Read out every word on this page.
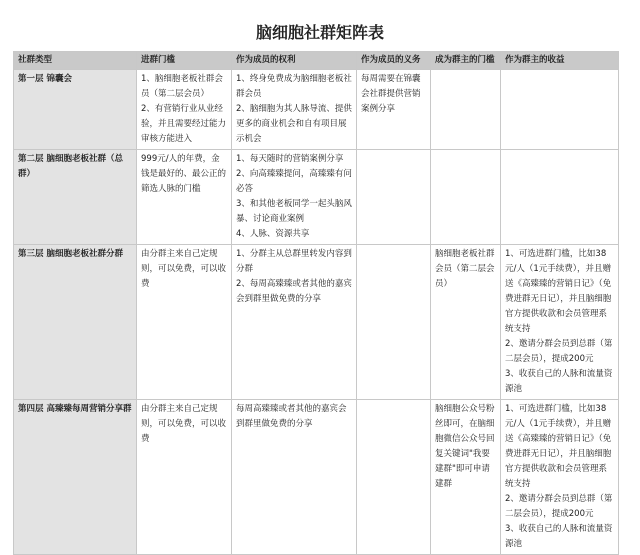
脑细胞社群矩阵表
社群类型	进群门槛	作为成员的权利	作为成员的义务	成为群主的门槛	作为群主的收益
第一层 锦囊会	1、脑细胞老板社群会员（第二层会员）
2、有营销行业从业经验，并且需要经过能力审核方能进入	1、终身免费成为脑细胞老板社群会员
2、脑细胞为其人脉导流、提供更多的商业机会和自有项目展示机会	每周需要在锦囊会社群提供营销案例分享		
第二层 脑细胞老板社群（总群）	999元/人的年费，金钱是最好的、最公正的筛选人脉的门槛	1、每天随时的营销案例分享
2、向高臻臻提问，高臻臻有问必答
3、和其他老板同学一起头脑风暴、讨论商业案例
4、人脉、资源共享			
第三层 脑细胞老板社群分群	由分群主来自己定规则，可以免费，可以收费	1、分群主从总群里转发内容到分群
2、每周高臻臻或者其他的嘉宾会到群里做免费的分享		脑细胞老板社群会员（第二层会员）	1、可选进群门槛，比如38元/人（1元手续费），并且赠送《高臻臻的营销日记》（免费进群无日记），并且脑细胞官方提供收款和会员管理系统支持
2、邀请分群会员到总群（第二层会员），提成200元
3、收获自己的人脉和流量资源池
第四层 高臻臻每周营销分享群	由分群主来自己定规则，可以免费，可以收费	每周高臻臻或者其他的嘉宾会到群里做免费的分享		脑细胞公众号粉丝即可，在脑细胞微信公众号回复关键词"我要建群"即可申请建群	1、可选进群门槛，比如38元/人（1元手续费），并且赠送《高臻臻的营销日记》（免费进群无日记），并且脑细胞官方提供收款和会员管理系统支持
2、邀请分群会员到总群（第二层会员），提成200元
3、收获自己的人脉和流量资源池
